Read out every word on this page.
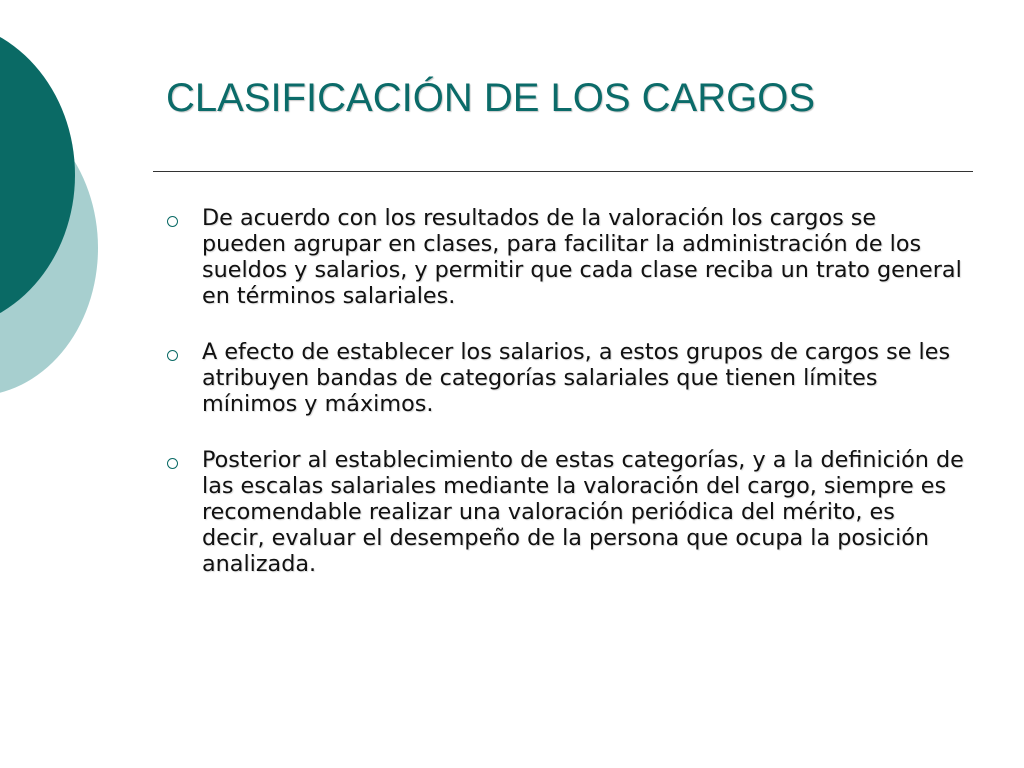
CLASIFICACIÓN DE LOS CARGOS
De acuerdo con los resultados de la valoración los cargos se pueden agrupar en clases, para facilitar la administración de los sueldos y salarios, y permitir que cada clase reciba un trato general en términos salariales.
A efecto de establecer los salarios, a estos grupos de cargos se les atribuyen bandas de categorías salariales que tienen límites mínimos y máximos.
Posterior al establecimiento de estas categorías, y a la definición de las escalas salariales mediante la valoración del cargo, siempre es recomendable realizar una valoración periódica del mérito, es decir, evaluar el desempeño de la persona que ocupa la posición analizada.
